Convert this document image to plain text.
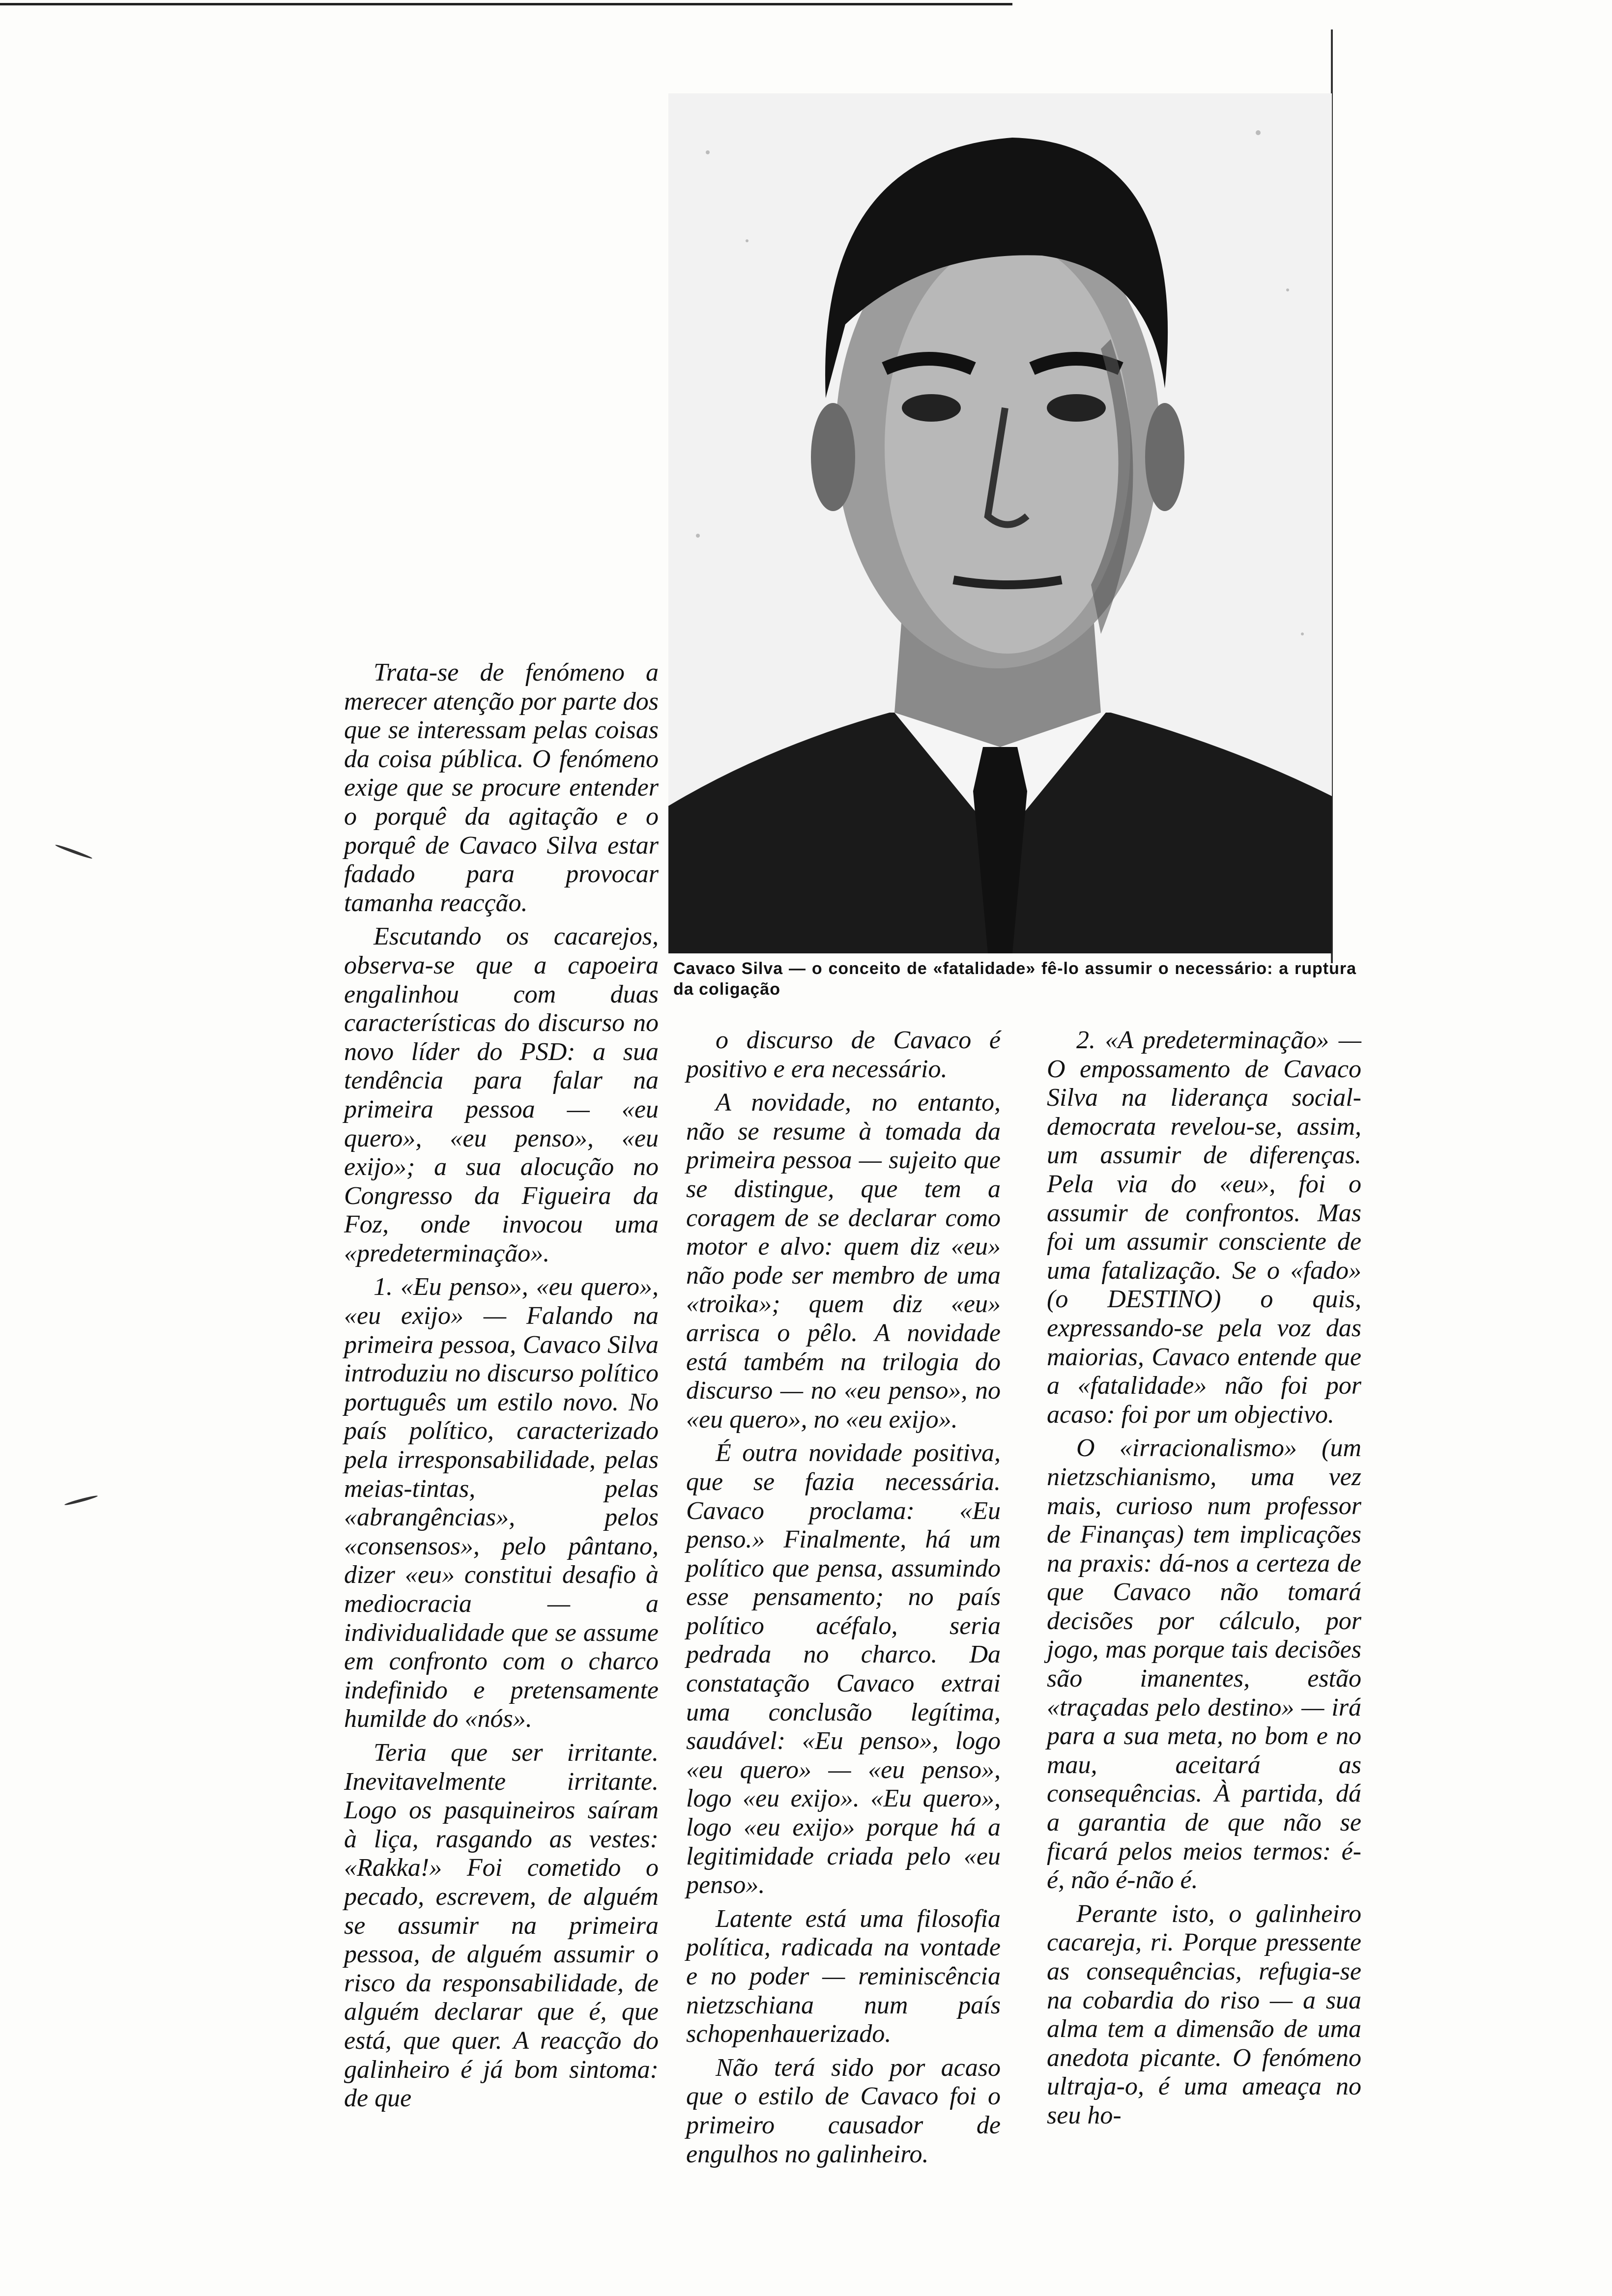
Cavaco Silva — o conceito de «fatalidade» fê-lo assumir o necessário: a ruptura da coligação

Trata-se de fenómeno a merecer atenção por parte dos que se interessam pelas coisas da coisa pública. O fenómeno exige que se procure entender o porquê da agitação e o porquê de Cavaco Silva estar fadado para provocar tamanha reacção.

Escutando os cacarejos, observa-se que a capoeira engalinhou com duas características do discurso no novo líder do PSD: a sua tendência para falar na primeira pessoa — «eu quero», «eu penso», «eu exijo»; a sua alocução no Congresso da Figueira da Foz, onde invocou uma «predeterminação».

1. «Eu penso», «eu quero», «eu exijo» — Falando na primeira pessoa, Cavaco Silva introduziu no discurso político português um estilo novo. No país político, caracterizado pela irresponsabilidade, pelas meias-tintas, pelas «abrangências», pelos «consensos», pelo pântano, dizer «eu» constitui desafio à mediocracia — a individualidade que se assume em confronto com o charco indefinido e pretensamente humilde do «nós».

Teria que ser irritante. Inevitavelmente irritante. Logo os pasquineiros saíram à liça, rasgando as vestes: «Rakka!» Foi cometido o pecado, escrevem, de alguém se assumir na primeira pessoa, de alguém assumir o risco da responsabilidade, de alguém declarar que é, que está, que quer. A reacção do galinheiro é já bom sintoma: de que

o discurso de Cavaco é positivo e era necessário.

A novidade, no entanto, não se resume à tomada da primeira pessoa — sujeito que se distingue, que tem a coragem de se declarar como motor e alvo: quem diz «eu» não pode ser membro de uma «troika»; quem diz «eu» arrisca o pêlo. A novidade está também na trilogia do discurso — no «eu penso», no «eu quero», no «eu exijo».

É outra novidade positiva, que se fazia necessária. Cavaco proclama: «Eu penso.» Finalmente, há um político que pensa, assumindo esse pensamento; no país político acéfalo, seria pedrada no charco. Da constatação Cavaco extrai uma conclusão legítima, saudável: «Eu penso», logo «eu quero» — «eu penso», logo «eu exijo». «Eu quero», logo «eu exijo» porque há a legitimidade criada pelo «eu penso».

Latente está uma filosofia política, radicada na vontade e no poder — reminiscência nietzschiana num país schopenhauerizado.

Não terá sido por acaso que o estilo de Cavaco foi o primeiro causador de engulhos no galinheiro.

2. «A predeterminação» — O empossamento de Cavaco Silva na liderança social-democrata revelou-se, assim, um assumir de diferenças. Pela via do «eu», foi o assumir de confrontos. Mas foi um assumir consciente de uma fatalização. Se o «fado» (o DESTINO) o quis, expressando-se pela voz das maiorias, Cavaco entende que a «fatalidade» não foi por acaso: foi por um objectivo.

O «irracionalismo» (um nietzschianismo, uma vez mais, curioso num professor de Finanças) tem implicações na praxis: dá-nos a certeza de que Cavaco não tomará decisões por cálculo, por jogo, mas porque tais decisões são imanentes, estão «traçadas pelo destino» — irá para a sua meta, no bom e no mau, aceitará as consequências. À partida, dá a garantia de que não se ficará pelos meios termos: é-é, não é-não é.

Perante isto, o galinheiro cacareja, ri. Porque pressente as consequências, refugia-se na cobardia do riso — a sua alma tem a dimensão de uma anedota picante. O fenómeno ultraja-o, é uma ameaça no seu ho-
